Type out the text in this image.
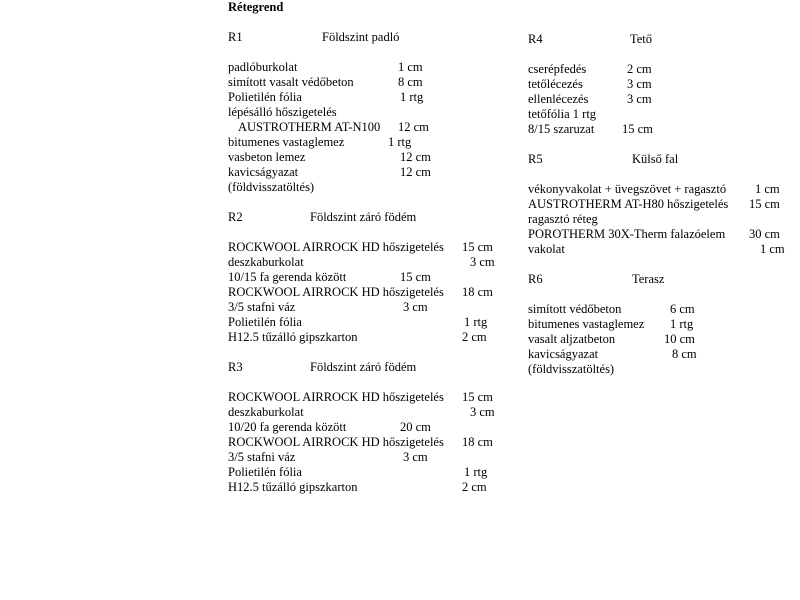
Rétegrend
R1	Földszint padló
padlóburkolat	1 cm
simított vasalt védőbeton	8 cm
Polietilén fólia	1 rtg
lépésálló hőszigetelés
AUSTROTHERM AT-N100 12 cm
bitumenes vastaglemez	1 rtg
vasbeton lemez	12 cm
kavicságyazat	12 cm
(földvisszatöltés)
R2	Földszint záró födém
ROCKWOOL AIRROCK HD hőszigetelés 15 cm
deszkaburkolat	3 cm
10/15 fa gerenda között	15 cm
ROCKWOOL AIRROCK HD hőszigetelés 18 cm
3/5 stafni váz	3 cm
Polietilén fólia	1 rtg
H12.5 tűzálló gipszkarton	2 cm
R3	Földszint záró födém
ROCKWOOL AIRROCK HD hőszigetelés 15 cm
deszkaburkolat	3 cm
10/20 fa gerenda között	20 cm
ROCKWOOL AIRROCK HD hőszigetelés 18 cm
3/5 stafni váz	3 cm
Polietilén fólia	1 rtg
H12.5 tűzálló gipszkarton	2 cm
R4	Tető
cserépfedés	2 cm
tetőlécezés	3 cm
ellenlécezés	3 cm
tetőfólia 1 rtg
8/15 szaruzat 15 cm
R5	Külső fal
vékonyvakolat + üvegszövet + ragasztó 1 cm
AUSTROTHERM AT-H80 hőszigetelés 15 cm
ragasztó réteg
POROTHERM 30X-Therm falazóelem 30 cm
vakolat	1 cm
R6	Terasz
simított védőbeton	6 cm
bitumenes vastaglemez 1 rtg
vasalt aljzatbeton	10 cm
kavicságyazat	8 cm
(földvisszatöltés)
